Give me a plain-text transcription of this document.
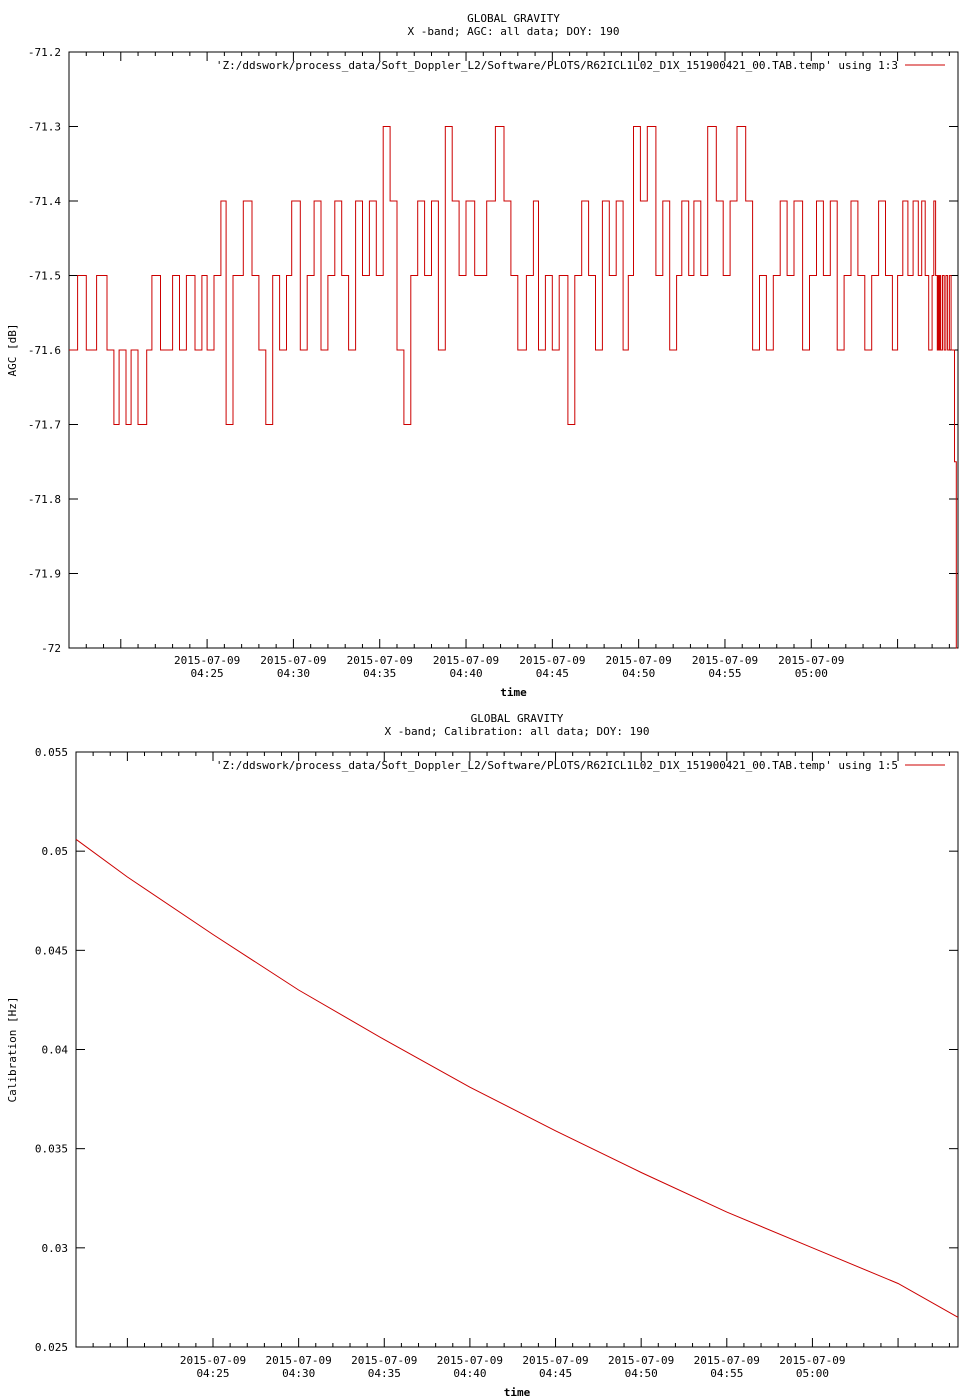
GLOBAL GRAVITY
X -band; AGC: all data; DOY: 190
-71.2
-71.3
-71.4
-71.5
-71.6
-71.7
-71.8
-71.9
-72
2015-07-09
04:25
2015-07-09
04:30
2015-07-09
04:35
2015-07-09
04:40
2015-07-09
04:45
2015-07-09
04:50
2015-07-09
04:55
2015-07-09
05:00
time
AGC [dB]
'Z:/ddswork/process_data/Soft_Doppler_L2/Software/PLOTS/R62ICL1L02_D1X_151900421_00.TAB.temp' using 1:3
GLOBAL GRAVITY
X -band; Calibration: all data; DOY: 190
0.055
0.05
0.045
0.04
0.035
0.03
0.025
2015-07-09
04:25
2015-07-09
04:30
2015-07-09
04:35
2015-07-09
04:40
2015-07-09
04:45
2015-07-09
04:50
2015-07-09
04:55
2015-07-09
05:00
time
Calibration [Hz]
'Z:/ddswork/process_data/Soft_Doppler_L2/Software/PLOTS/R62ICL1L02_D1X_151900421_00.TAB.temp' using 1:5
